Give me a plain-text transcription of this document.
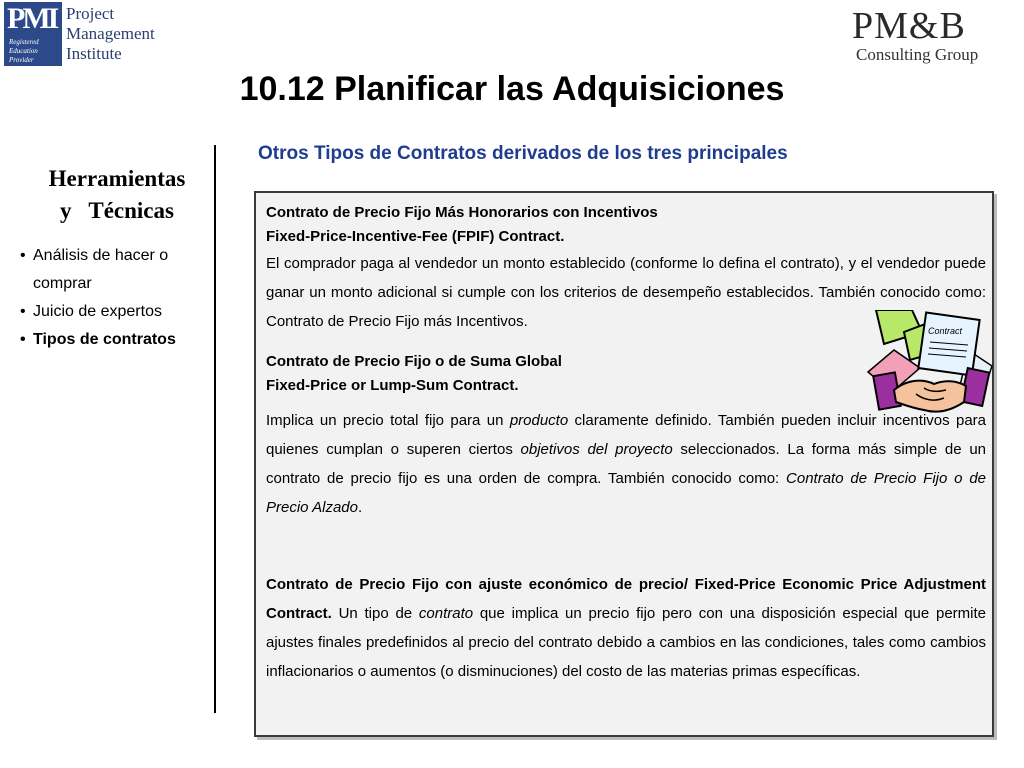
PMI
Registered
Education
Provider
Project
Management
Institute
PM&B
Consulting Group
10.12 Planificar las Adquisiciones
Herramientas
y   Técnicas
• Análisis de hacer o comprar
• Juicio de expertos
• Tipos de contratos
Otros Tipos de Contratos derivados de los tres principales

Contrato de Precio Fijo Más Honorarios con Incentivos

Fixed-Price-Incentive-Fee (FPIF) Contract.

El comprador paga al vendedor un monto establecido (conforme lo defina el contrato), y el vendedor puede ganar un monto adicional si cumple con los criterios de desempeño establecidos. También conocido como: Contrato de Precio Fijo más Incentivos.

Contrato de Precio Fijo o de Suma Global

Fixed-Price or Lump-Sum Contract.

Implica un precio total fijo para un producto claramente definido. También pueden incluir incentivos para quienes cumplan o superen ciertos objetivos del proyecto seleccionados. La forma más simple de un contrato de precio fijo es una orden de compra. También conocido como: Contrato de Precio Fijo o de Precio Alzado.

Contrato de Precio Fijo con ajuste económico de precio/ Fixed-Price Economic Price Adjustment Contract. Un tipo de contrato que implica un precio fijo pero con una disposición especial que permite ajustes finales predefinidos al precio del contrato debido a cambios en las condiciones, tales como cambios inflacionarios o aumentos (o disminuciones) del costo de las materias primas específicas.

Contract
